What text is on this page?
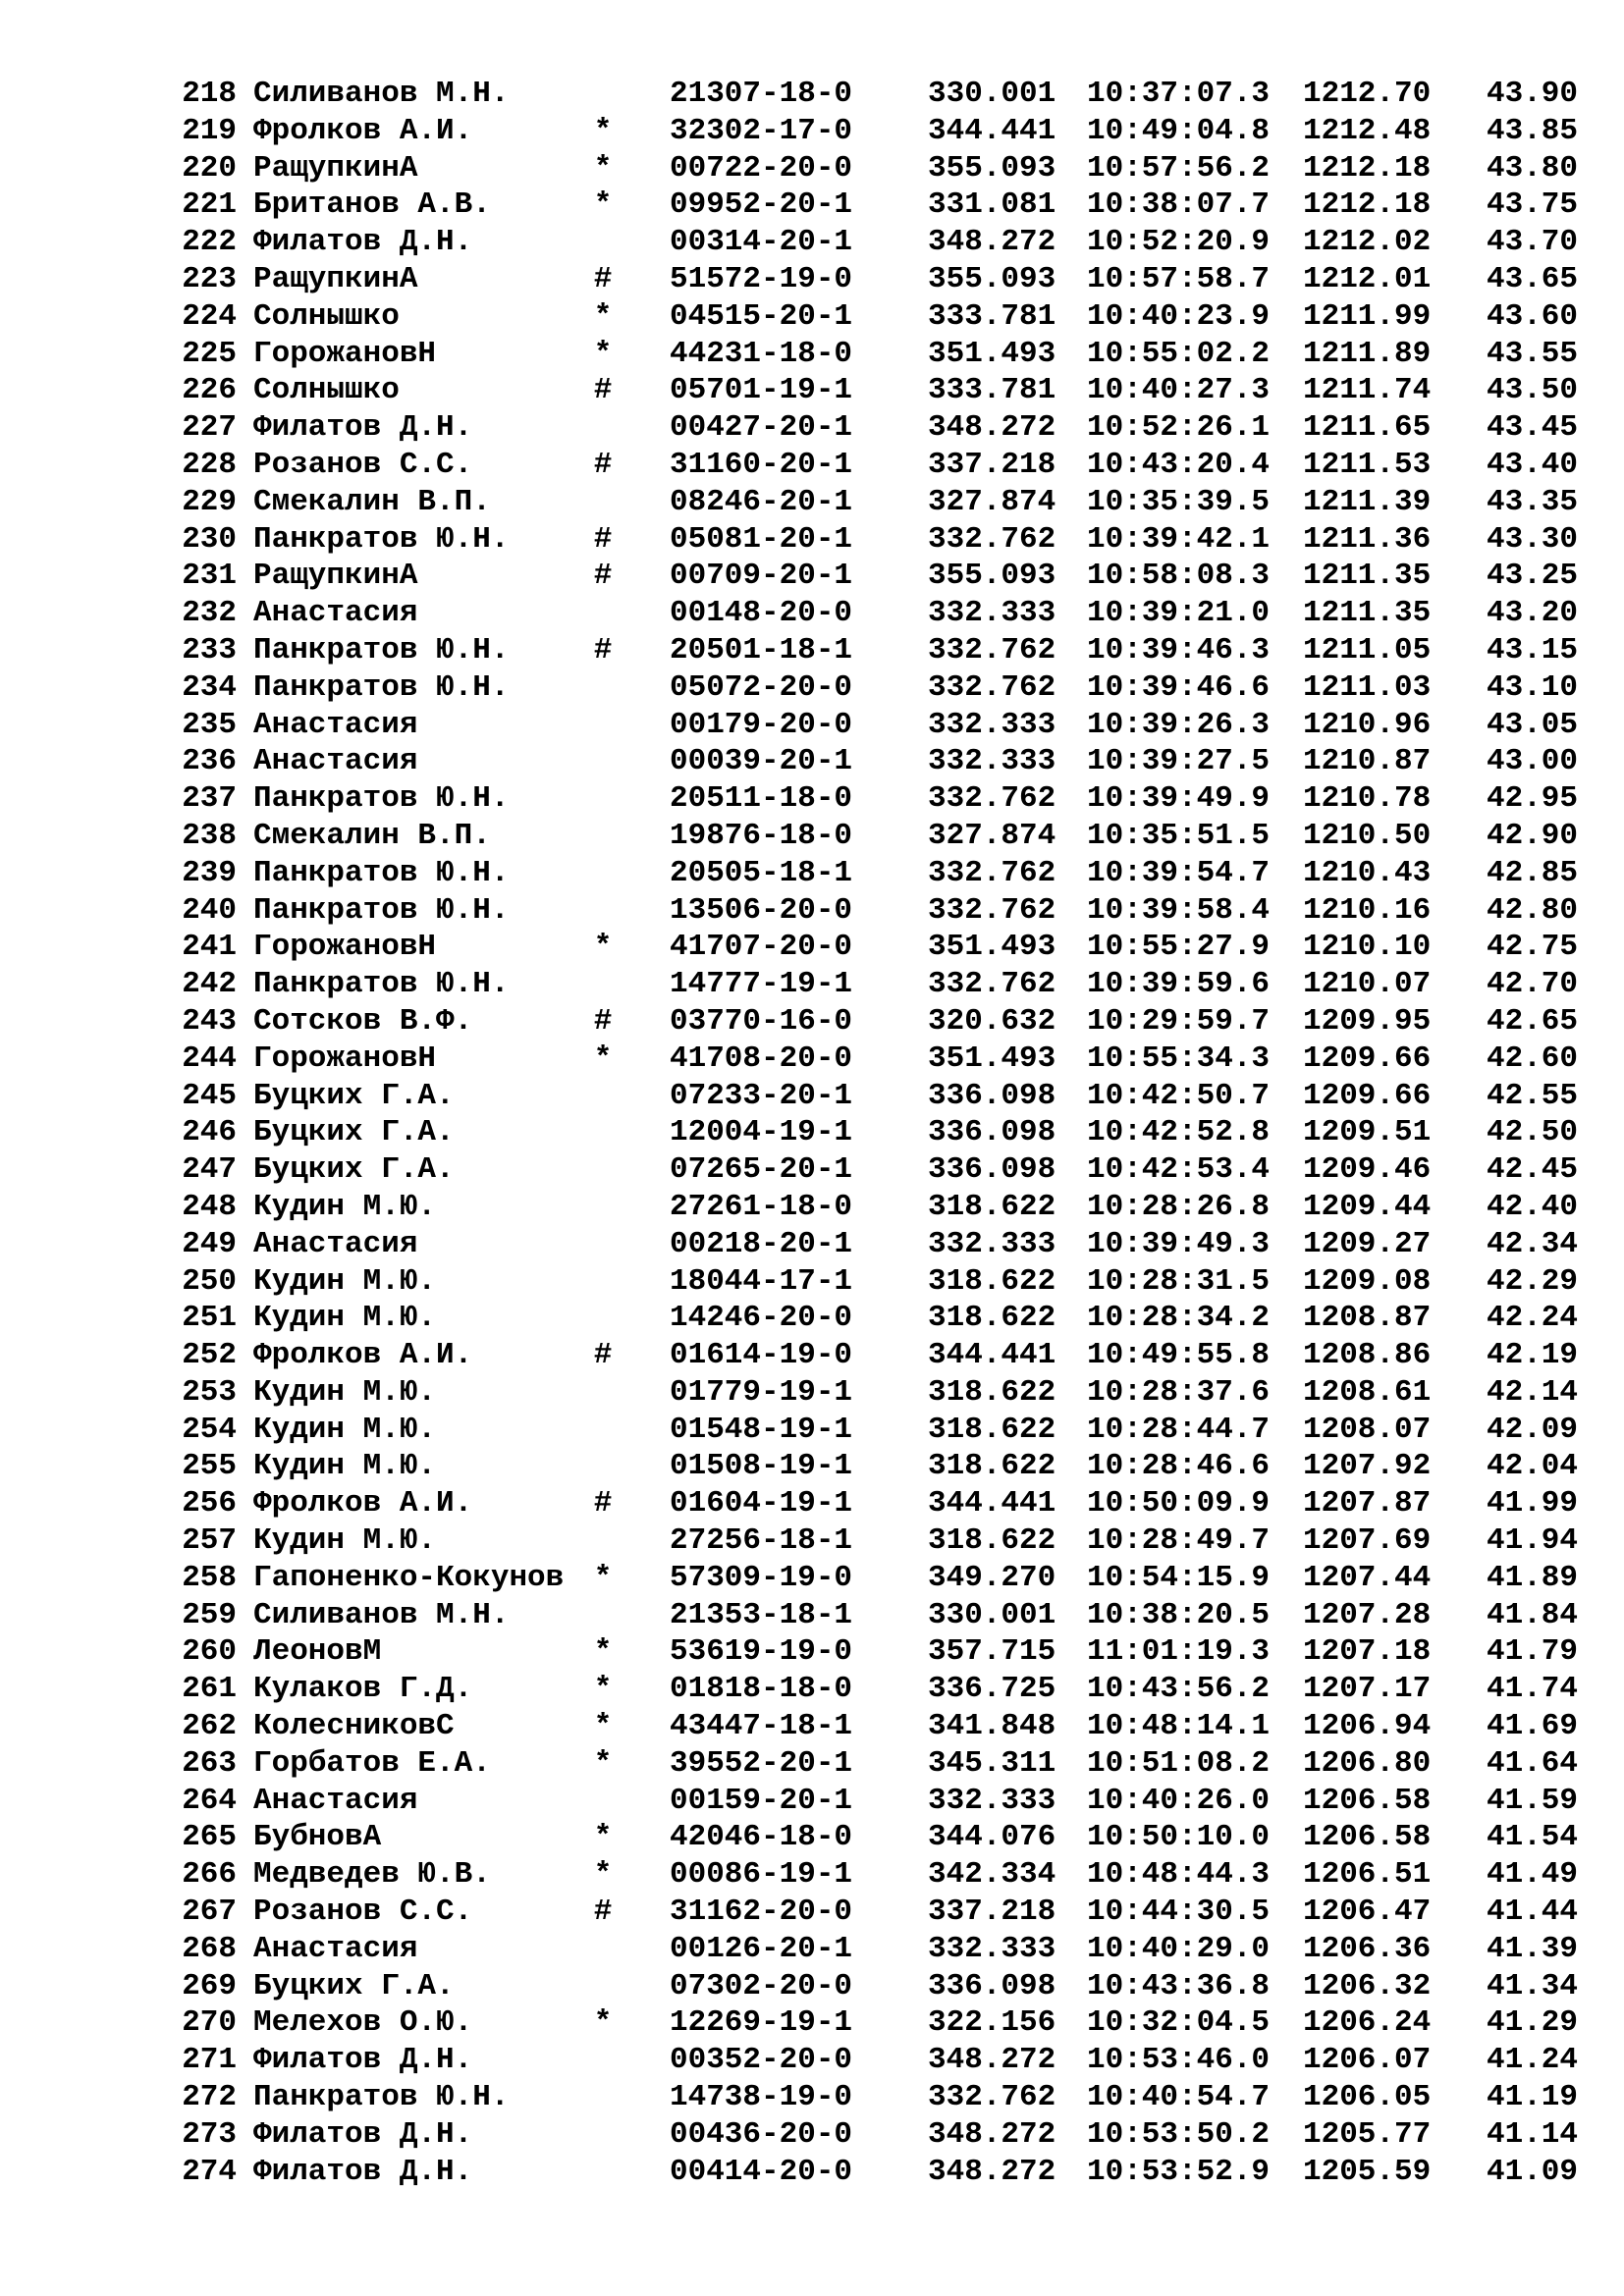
218 Силиванов М.Н.	21307-18-0 330.001 10:37:07.3 1212.70 43.90
219 Фролков А.И.	* 32302-17-0 344.441 10:49:04.8 1212.48 43.85
220 РащупкинА	* 00722-20-0 355.093 10:57:56.2 1212.18 43.80
221 Британов А.В.	* 09952-20-1 331.081 10:38:07.7 1212.18 43.75
222 Филатов Д.Н.	00314-20-1 348.272 10:52:20.9 1212.02 43.70
223 РащупкинА	# 51572-19-0 355.093 10:57:58.7 1212.01 43.65
224 Солнышко	* 04515-20-1 333.781 10:40:23.9 1211.99 43.60
225 ГорожановН	* 44231-18-0 351.493 10:55:02.2 1211.89 43.55
226 Солнышко	# 05701-19-1 333.781 10:40:27.3 1211.74 43.50
227 Филатов Д.Н.	00427-20-1 348.272 10:52:26.1 1211.65 43.45
228 Розанов С.С.	# 31160-20-1 337.218 10:43:20.4 1211.53 43.40
229 Смекалин В.П.	08246-20-1 327.874 10:35:39.5 1211.39 43.35
230 Панкратов Ю.Н.	# 05081-20-1 332.762 10:39:42.1 1211.36 43.30
231 РащупкинА	# 00709-20-1 355.093 10:58:08.3 1211.35 43.25
232 Анастасия	00148-20-0 332.333 10:39:21.0 1211.35 43.20
233 Панкратов Ю.Н.	# 20501-18-1 332.762 10:39:46.3 1211.05 43.15
234 Панкратов Ю.Н.	05072-20-0 332.762 10:39:46.6 1211.03 43.10
235 Анастасия	00179-20-0 332.333 10:39:26.3 1210.96 43.05
236 Анастасия	00039-20-1 332.333 10:39:27.5 1210.87 43.00
237 Панкратов Ю.Н.	20511-18-0 332.762 10:39:49.9 1210.78 42.95
238 Смекалин В.П.	19876-18-0 327.874 10:35:51.5 1210.50 42.90
239 Панкратов Ю.Н.	20505-18-1 332.762 10:39:54.7 1210.43 42.85
240 Панкратов Ю.Н.	13506-20-0 332.762 10:39:58.4 1210.16 42.80
241 ГорожановН	* 41707-20-0 351.493 10:55:27.9 1210.10 42.75
242 Панкратов Ю.Н.	14777-19-1 332.762 10:39:59.6 1210.07 42.70
243 Сотсков В.Ф.	# 03770-16-0 320.632 10:29:59.7 1209.95 42.65
244 ГорожановН	* 41708-20-0 351.493 10:55:34.3 1209.66 42.60
245 Буцких Г.А.	07233-20-1 336.098 10:42:50.7 1209.66 42.55
246 Буцких Г.А.	12004-19-1 336.098 10:42:52.8 1209.51 42.50
247 Буцких Г.А.	07265-20-1 336.098 10:42:53.4 1209.46 42.45
248 Кудин М.Ю.	27261-18-0 318.622 10:28:26.8 1209.44 42.40
249 Анастасия	00218-20-1 332.333 10:39:49.3 1209.27 42.34
250 Кудин М.Ю.	18044-17-1 318.622 10:28:31.5 1209.08 42.29
251 Кудин М.Ю.	14246-20-0 318.622 10:28:34.2 1208.87 42.24
252 Фролков А.И.	# 01614-19-0 344.441 10:49:55.8 1208.86 42.19
253 Кудин М.Ю.	01779-19-1 318.622 10:28:37.6 1208.61 42.14
254 Кудин М.Ю.	01548-19-1 318.622 10:28:44.7 1208.07 42.09
255 Кудин М.Ю.	01508-19-1 318.622 10:28:46.6 1207.92 42.04
256 Фролков А.И.	# 01604-19-1 344.441 10:50:09.9 1207.87 41.99
257 Кудин М.Ю.	27256-18-1 318.622 10:28:49.7 1207.69 41.94
258 Гапоненко-Кокунов * 57309-19-0 349.270 10:54:15.9 1207.44 41.89
259 Силиванов М.Н.	21353-18-1 330.001 10:38:20.5 1207.28 41.84
260 ЛеоновМ	* 53619-19-0 357.715 11:01:19.3 1207.18 41.79
261 Кулаков Г.Д.	* 01818-18-0 336.725 10:43:56.2 1207.17 41.74
262 КолесниковС	* 43447-18-1 341.848 10:48:14.1 1206.94 41.69
263 Горбатов Е.А.	* 39552-20-1 345.311 10:51:08.2 1206.80 41.64
264 Анастасия	00159-20-1 332.333 10:40:26.0 1206.58 41.59
265 БубновА	* 42046-18-0 344.076 10:50:10.0 1206.58 41.54
266 Медведев Ю.В.	* 00086-19-1 342.334 10:48:44.3 1206.51 41.49
267 Розанов С.С.	# 31162-20-0 337.218 10:44:30.5 1206.47 41.44
268 Анастасия	00126-20-1 332.333 10:40:29.0 1206.36 41.39
269 Буцких Г.А.	07302-20-0 336.098 10:43:36.8 1206.32 41.34
270 Мелехов О.Ю.	* 12269-19-1 322.156 10:32:04.5 1206.24 41.29
271 Филатов Д.Н.	00352-20-0 348.272 10:53:46.0 1206.07 41.24
272 Панкратов Ю.Н.	14738-19-0 332.762 10:40:54.7 1206.05 41.19
273 Филатов Д.Н.	00436-20-0 348.272 10:53:50.2 1205.77 41.14
274 Филатов Д.Н.	00414-20-0 348.272 10:53:52.9 1205.59 41.09
